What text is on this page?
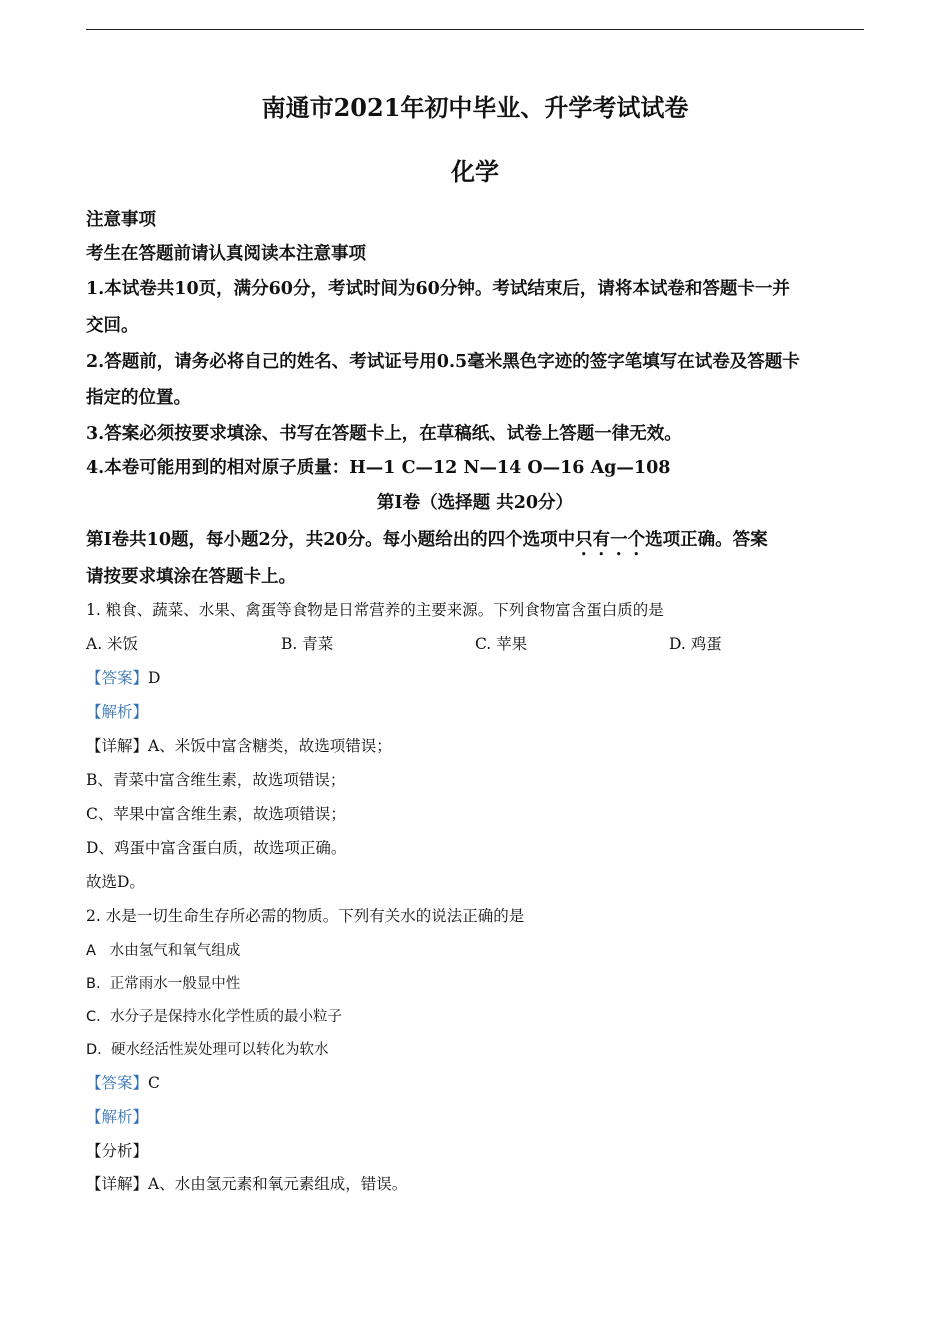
南通市2021年初中毕业、升学考试试卷
化学
注意事项
考生在答题前请认真阅读本注意事项
1.本试卷共10页，满分60分，考试时间为60分钟。考试结束后，请将本试卷和答题卡一并
交回。
2.答题前，请务必将自己的姓名、考试证号用0.5毫米黑色字迹的签字笔填写在试卷及答题卡
指定的位置。
3.答案必须按要求填涂、书写在答题卡上，在草稿纸、试卷上答题一律无效。
4.本卷可能用到的相对原子质量：H—1 C—12 N—14 O—16 Ag—108
第Ⅰ卷（选择题 共20分）
第Ⅰ卷共10题，每小题2分，共20分。每小题给出的四个选项中只有一个选项正确。答案
请按要求填涂在答题卡上。
1. 粮食、蔬菜、水果、禽蛋等食物是日常营养的主要来源。下列食物富含蛋白质的是
A. 米饭	B. 青菜	C. 苹果	D. 鸡蛋
【答案】D
【解析】
【详解】A、米饭中富含糖类，故选项错误；
B、青菜中富含维生素，故选项错误；
C、苹果中富含维生素，故选项错误；
D、鸡蛋中富含蛋白质，故选项正确。
故选D。
2. 水是一切生命生存所必需的物质。下列有关水的说法正确的是
A   水由氢气和氧气组成
B.  正常雨水一般显中性
C.  水分子是保持水化学性质的最小粒子
D.  硬水经活性炭处理可以转化为软水
【答案】C
【解析】
【分析】
【详解】A、水由氢元素和氧元素组成，错误。
